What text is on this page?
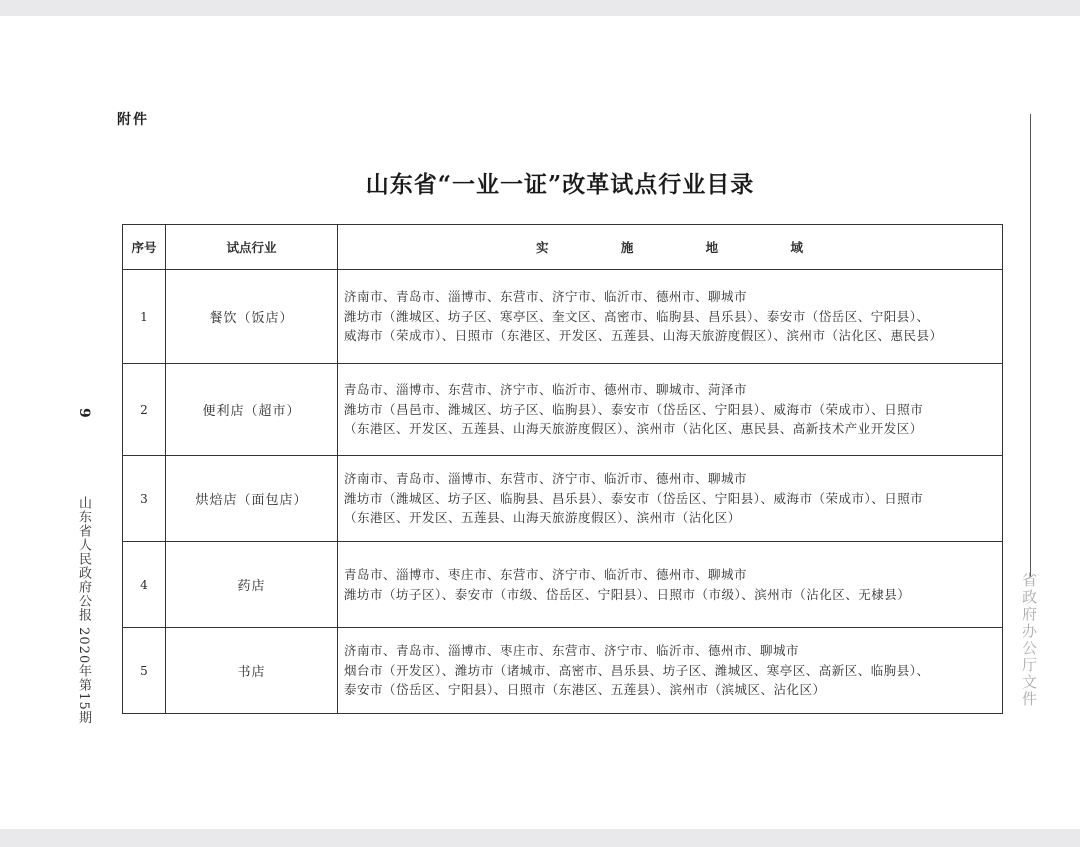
附件
山东省“一业一证”改革试点行业目录
序号	试点行业	实 施 地 域
1	餐饮（饭店）	济南市、青岛市、淄博市、东营市、济宁市、临沂市、德州市、聊城市
潍坊市（潍城区、坊子区、寒亭区、奎文区、高密市、临朐县、昌乐县）、泰安市（岱岳区、宁阳县）、
威海市（荣成市）、日照市（东港区、开发区、五莲县、山海天旅游度假区）、滨州市（沾化区、惠民县）

2	便利店（超市）	青岛市、淄博市、东营市、济宁市、临沂市、德州市、聊城市、菏泽市
潍坊市（昌邑市、潍城区、坊子区、临朐县）、泰安市（岱岳区、宁阳县）、威海市（荣成市）、日照市
（东港区、开发区、五莲县、山海天旅游度假区）、滨州市（沾化区、惠民县、高新技术产业开发区）

3	烘焙店（面包店）	济南市、青岛市、淄博市、东营市、济宁市、临沂市、德州市、聊城市
潍坊市（潍城区、坊子区、临朐县、昌乐县）、泰安市（岱岳区、宁阳县）、威海市（荣成市）、日照市
（东港区、开发区、五莲县、山海天旅游度假区）、滨州市（沾化区）

4	药店	青岛市、淄博市、枣庄市、东营市、济宁市、临沂市、德州市、聊城市
潍坊市（坊子区）、泰安市（市级、岱岳区、宁阳县）、日照市（市级）、滨州市（沾化区、无棣县）

5	书店	济南市、青岛市、淄博市、枣庄市、东营市、济宁市、临沂市、德州市、聊城市
烟台市（开发区）、潍坊市（诸城市、高密市、昌乐县、坊子区、潍城区、寒亭区、高新区、临朐县）、
泰安市（岱岳区、宁阳县）、日照市（东港区、五莲县）、滨州市（滨城区、沾化区）
9
山东省人民政府公报 2020年第15期	省政府办公厅文件
